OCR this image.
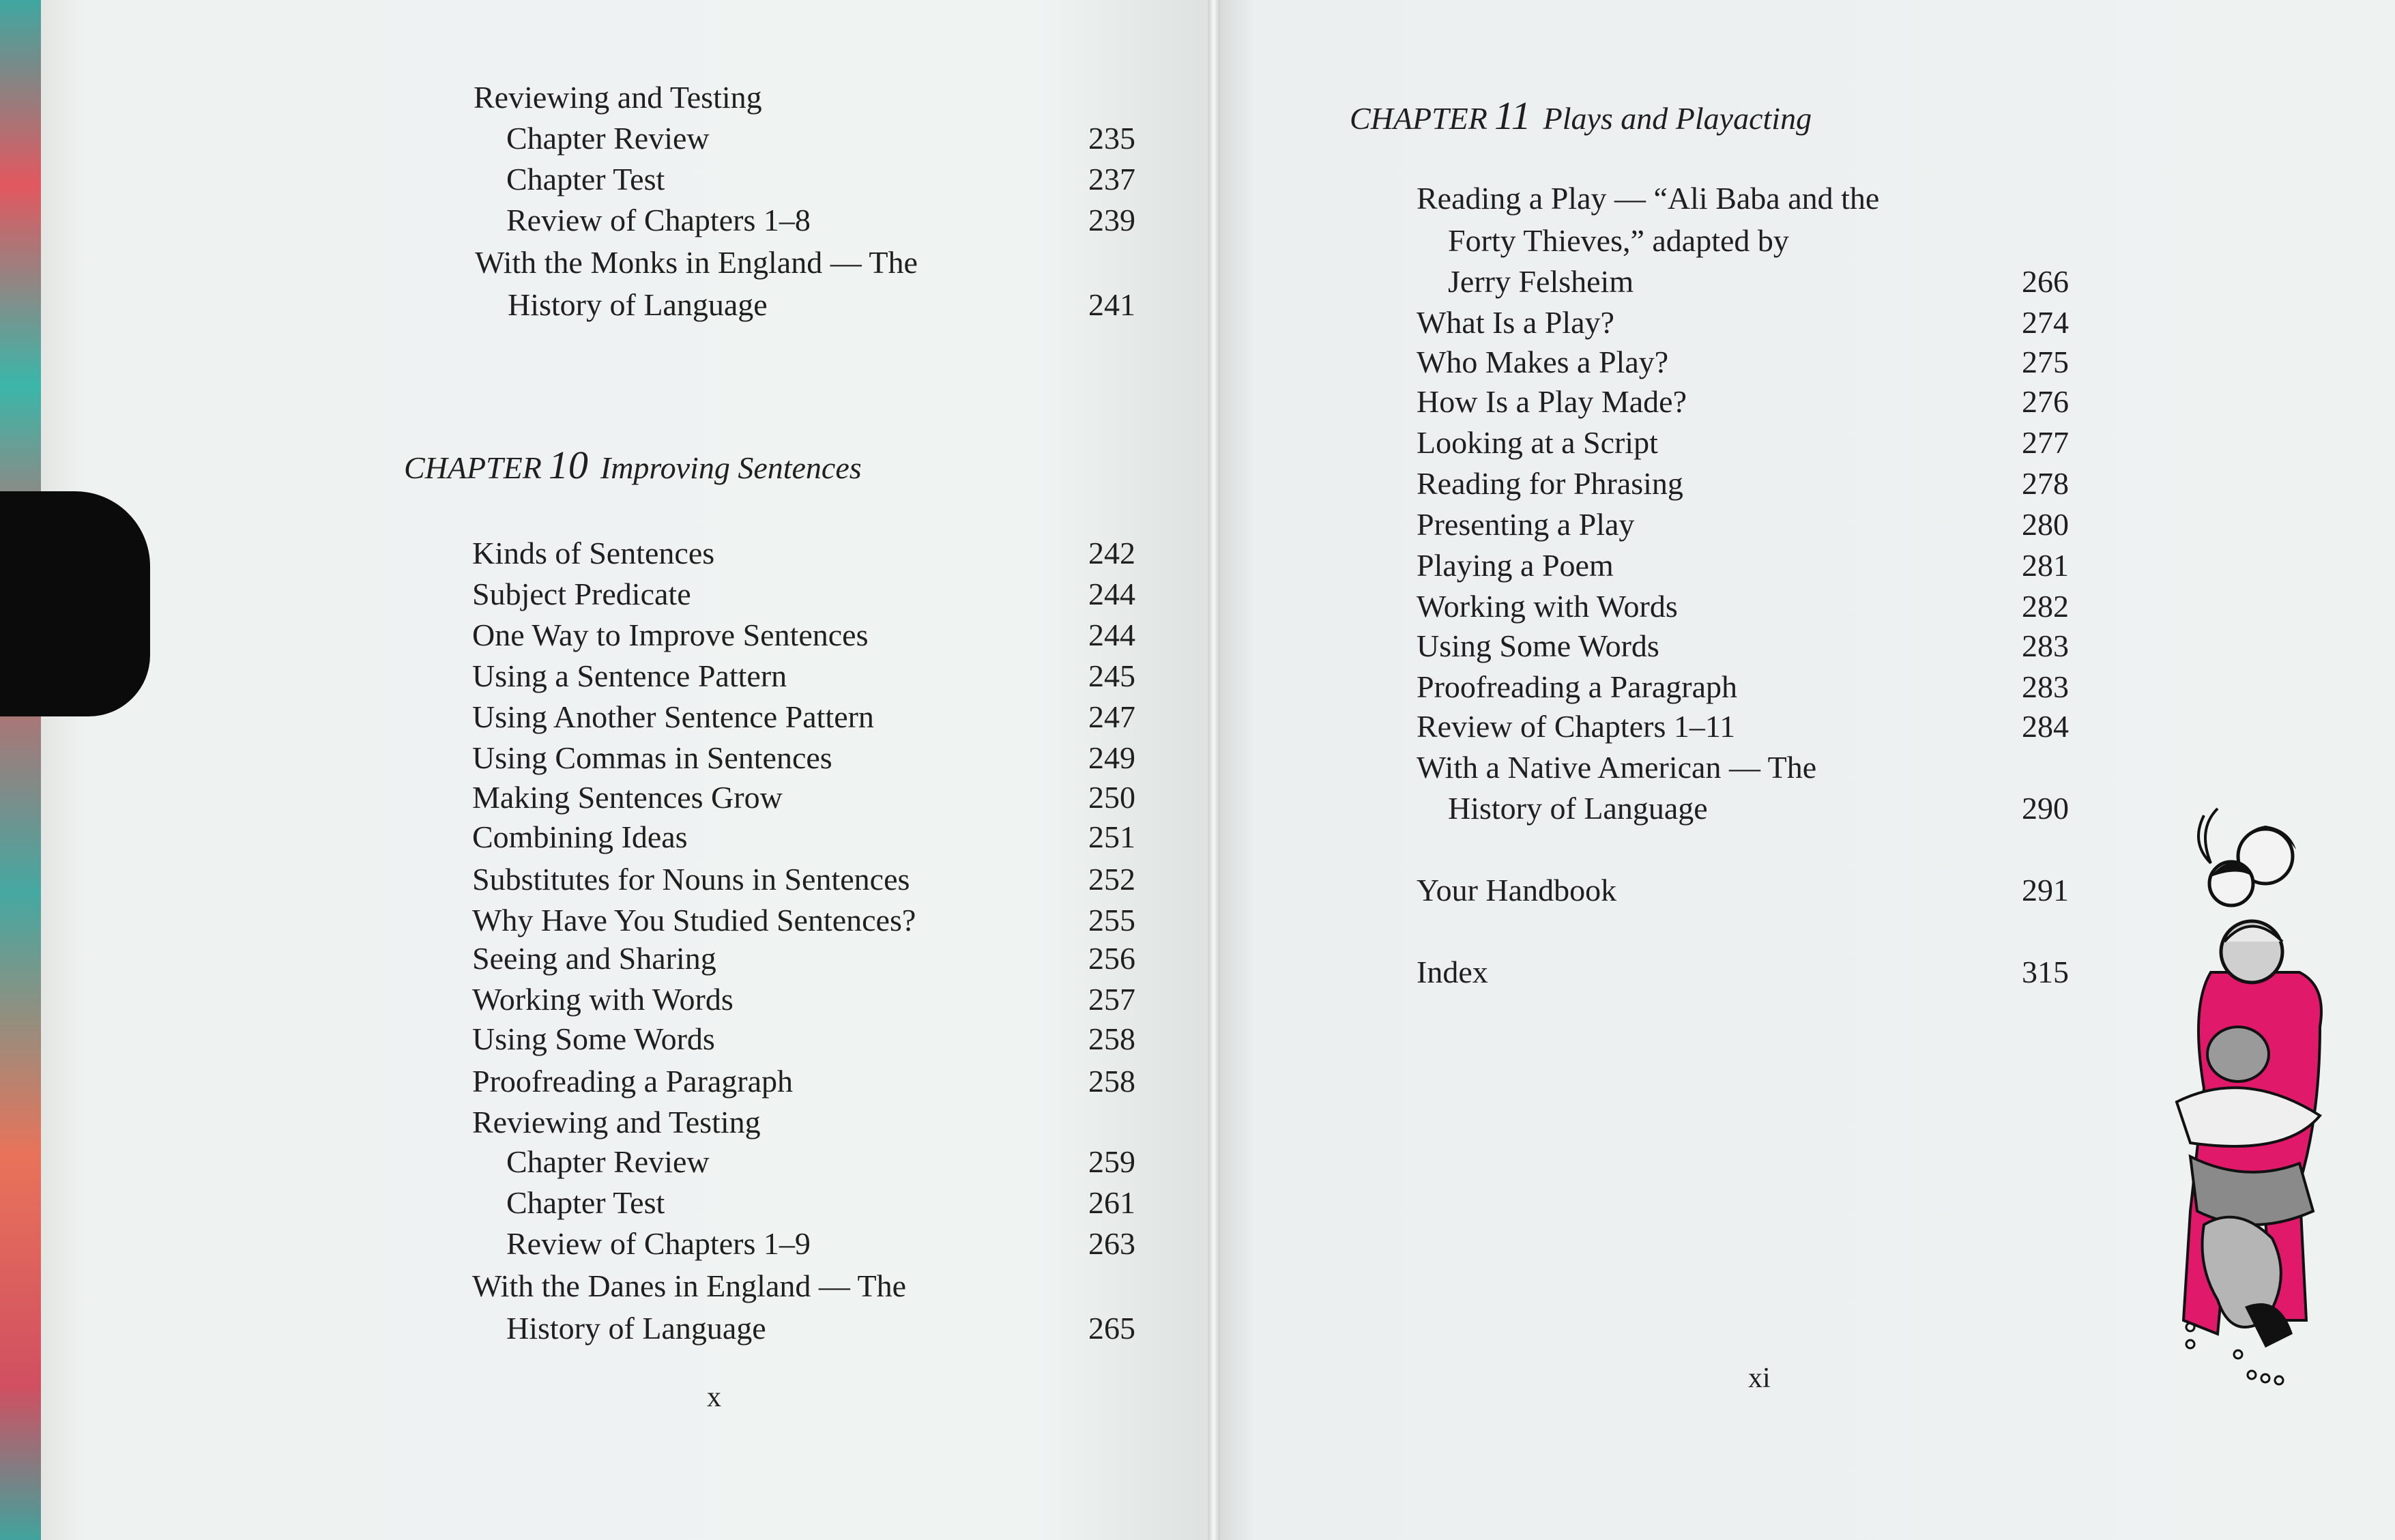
Reviewing and Testing
Chapter Review	235
Chapter Test	237
Review of Chapters 1–8	239
With the Monks in England — The
History of Language	241
CHAPTER 10 Improving Sentences
Kinds of Sentences	242
Subject Predicate	244
One Way to Improve Sentences	244
Using a Sentence Pattern	245
Using Another Sentence Pattern	247
Using Commas in Sentences	249
Making Sentences Grow	250
Combining Ideas	251
Substitutes for Nouns in Sentences	252
Why Have You Studied Sentences?	255
Seeing and Sharing	256
Working with Words	257
Using Some Words	258
Proofreading a Paragraph	258
Reviewing and Testing
Chapter Review	259
Chapter Test	261
Review of Chapters 1–9	263
With the Danes in England — The
History of Language	265
x
CHAPTER 11 Plays and Playacting
Reading a Play — “Ali Baba and the
Forty Thieves,” adapted by
Jerry Felsheim	266
What Is a Play?	274
Who Makes a Play?	275
How Is a Play Made?	276
Looking at a Script	277
Reading for Phrasing	278
Presenting a Play	280
Playing a Poem	281
Working with Words	282
Using Some Words	283
Proofreading a Paragraph	283
Review of Chapters 1–11	284
With a Native American — The
History of Language	290
Your Handbook	291
Index	315
xi
